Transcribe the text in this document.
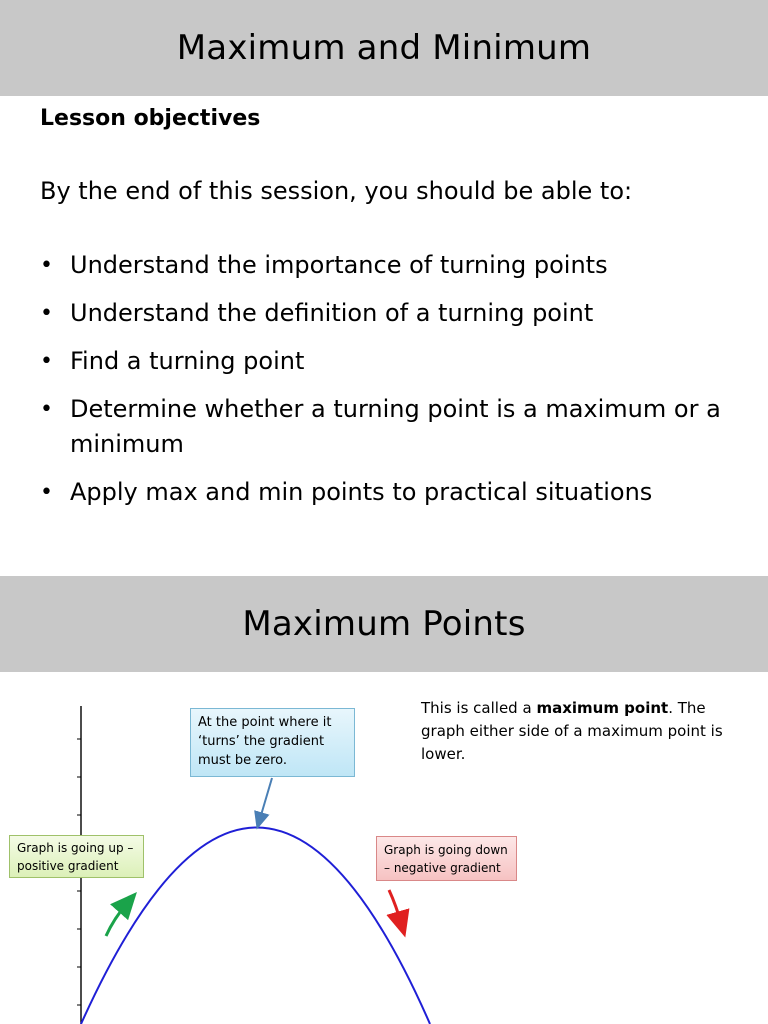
Maximum and Minimum
Lesson objectives
By the end of this session, you should be able to:
• Understand the importance of turning points
• Understand the definition of a turning point
• Find a turning point
• Determine whether a turning point is a maximum or a minimum
• Apply max and min points to practical situations
Maximum Points
At the point where it ‘turns’ the gradient must be zero.
Graph is going up – positive gradient
Graph is going down – negative gradient
This is called a maximum point. The graph either side of a maximum point is lower.
